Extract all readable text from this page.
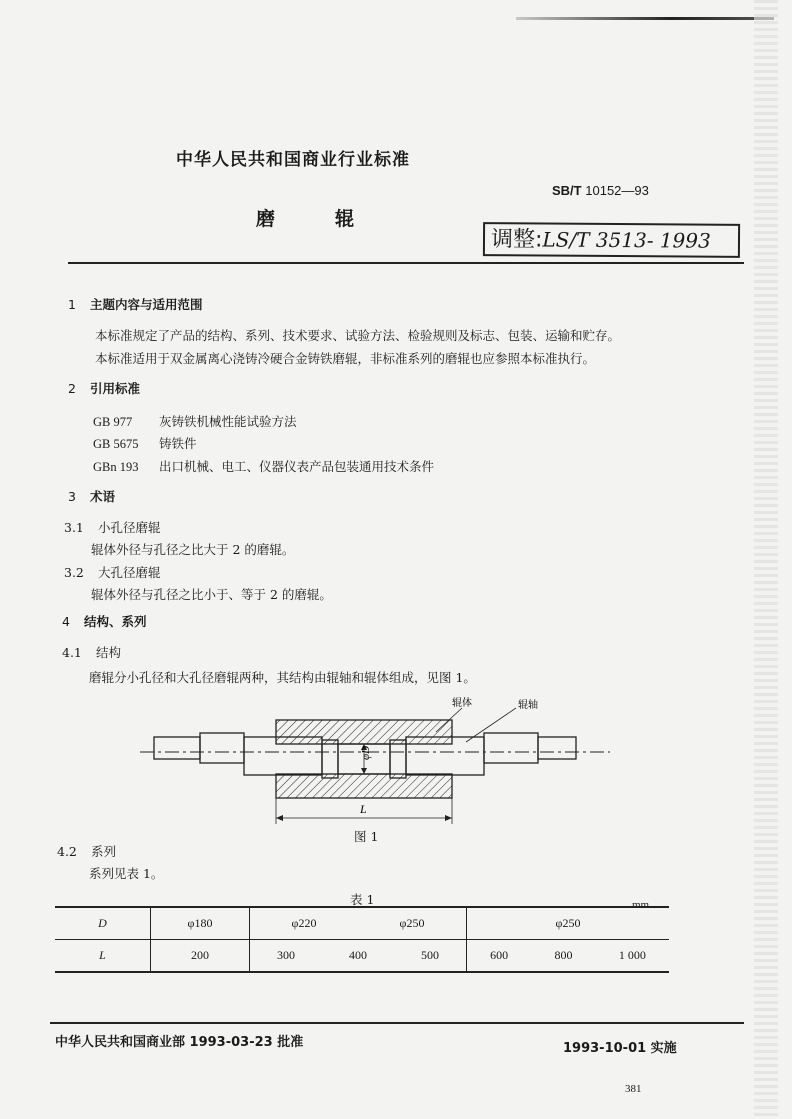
中华人民共和国商业行业标准
SB/T 10152—93
磨辊
调整:LS/T 3513- 1993
1 主题内容与适用范围
本标准规定了产品的结构、系列、技术要求、试验方法、检验规则及标志、包装、运输和贮存。
本标准适用于双金属离心浇铸冷硬合金铸铁磨辊，非标准系列的磨辊也应参照本标准执行。
2 引用标准
GB 977 灰铸铁机械性能试验方法
GB 5675 铸铁件
GBn 193 出口机械、电工、仪器仪表产品包装通用技术条件
3 术语
3.1 小孔径磨辊
辊体外径与孔径之比大于 2 的磨辊。
3.2 大孔径磨辊
辊体外径与孔径之比小于、等于 2 的磨辊。
4 结构、系列
4.1 结构
磨辊分小孔径和大孔径磨辊两种，其结构由辊轴和辊体组成，见图 1。
φD
L
辊体	辊轴
图 1
4.2 系列
系列见表 1。
表 1	mm
D	φ180	φ220 φ250	φ250
L	200	300 400 500	600 800 1 000
中华人民共和国商业部 1993-03-23 批准	1993-10-01 实施
381
